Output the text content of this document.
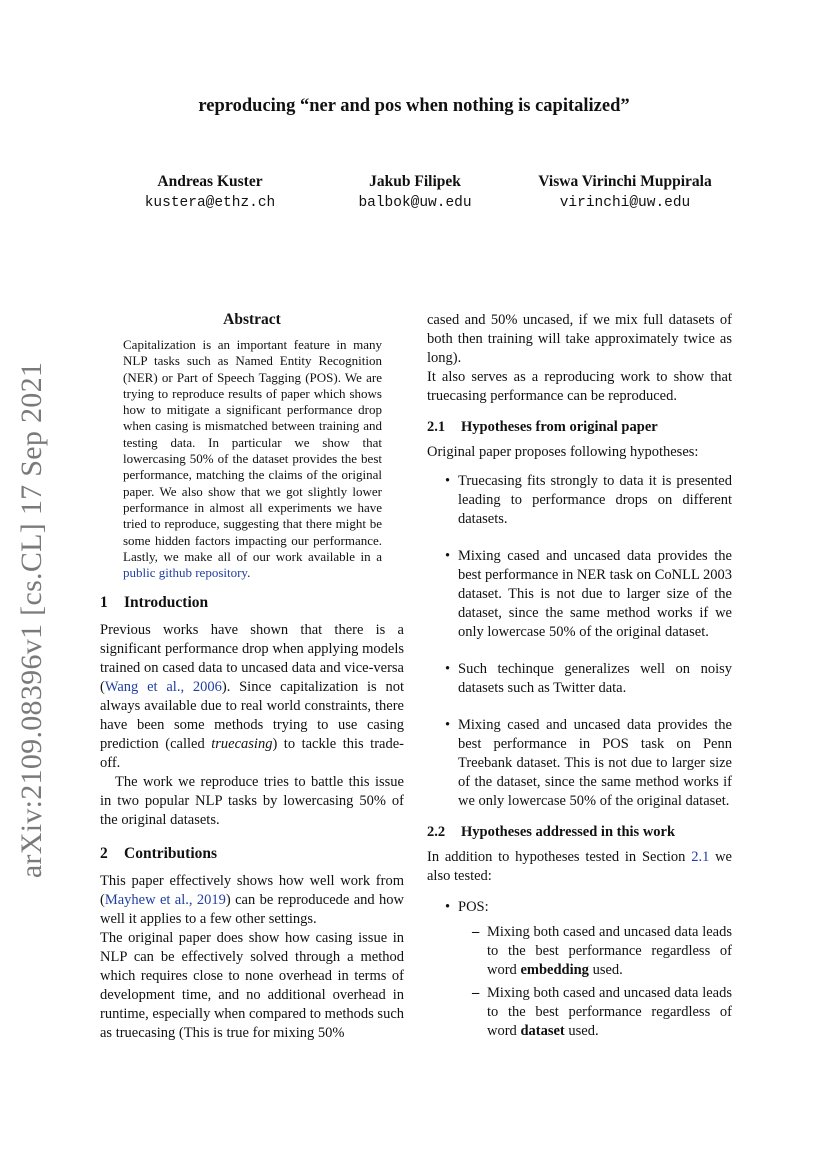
reproducing “ner and pos when nothing is capitalized”
Andreas Kuster
kustera@ethz.ch
Jakub Filipek
balbok@uw.edu
Viswa Virinchi Muppirala
virinchi@uw.edu
arXiv:2109.08396v1 [cs.CL] 17 Sep 2021
Abstract
Capitalization is an important feature in many NLP tasks such as Named Entity Recognition (NER) or Part of Speech Tagging (POS). We are trying to reproduce results of paper which shows how to mitigate a significant performance drop when casing is mismatched between training and testing data. In particular we show that lowercasing 50% of the dataset provides the best performance, matching the claims of the original paper. We also show that we got slightly lower performance in almost all experiments we have tried to reproduce, suggesting that there might be some hidden factors impacting our performance. Lastly, we make all of our work available in a public github repository.
1 Introduction

Previous works have shown that there is a significant performance drop when applying models trained on cased data to uncased data and vice-versa (Wang et al., 2006). Since capitalization is not always available due to real world constraints, there have been some methods trying to use casing prediction (called truecasing) to tackle this trade-off.

The work we reproduce tries to battle this issue in two popular NLP tasks by lowercasing 50% of the original datasets.

2 Contributions

This paper effectively shows how well work from (Mayhew et al., 2019) can be reproducede and how well it applies to a few other settings.

The original paper does show how casing issue in NLP can be effectively solved through a method which requires close to none overhead in terms of development time, and no additional overhead in runtime, especially when compared to methods such as truecasing (This is true for mixing 50%

cased and 50% uncased, if we mix full datasets of both then training will take approximately twice as long).

It also serves as a reproducing work to show that truecasing performance can be reproduced.

2.1 Hypotheses from original paper

Original paper proposes following hypotheses:

• Truecasing fits strongly to data it is presented leading to performance drops on different datasets.
• Mixing cased and uncased data provides the best performance in NER task on CoNLL 2003 dataset. This is not due to larger size of the dataset, since the same method works if we only lowercase 50% of the original dataset.
• Such techinque generalizes well on noisy datasets such as Twitter data.
• Mixing cased and uncased data provides the best performance in POS task on Penn Treebank dataset. This is not due to larger size of the dataset, since the same method works if we only lowercase 50% of the original dataset.
2.2 Hypotheses addressed in this work

In addition to hypotheses tested in Section 2.1 we also tested:

• POS:
– Mixing both cased and uncased data leads to the best performance regardless of word embedding used.
– Mixing both cased and uncased data leads to the best performance regardless of word dataset used.
